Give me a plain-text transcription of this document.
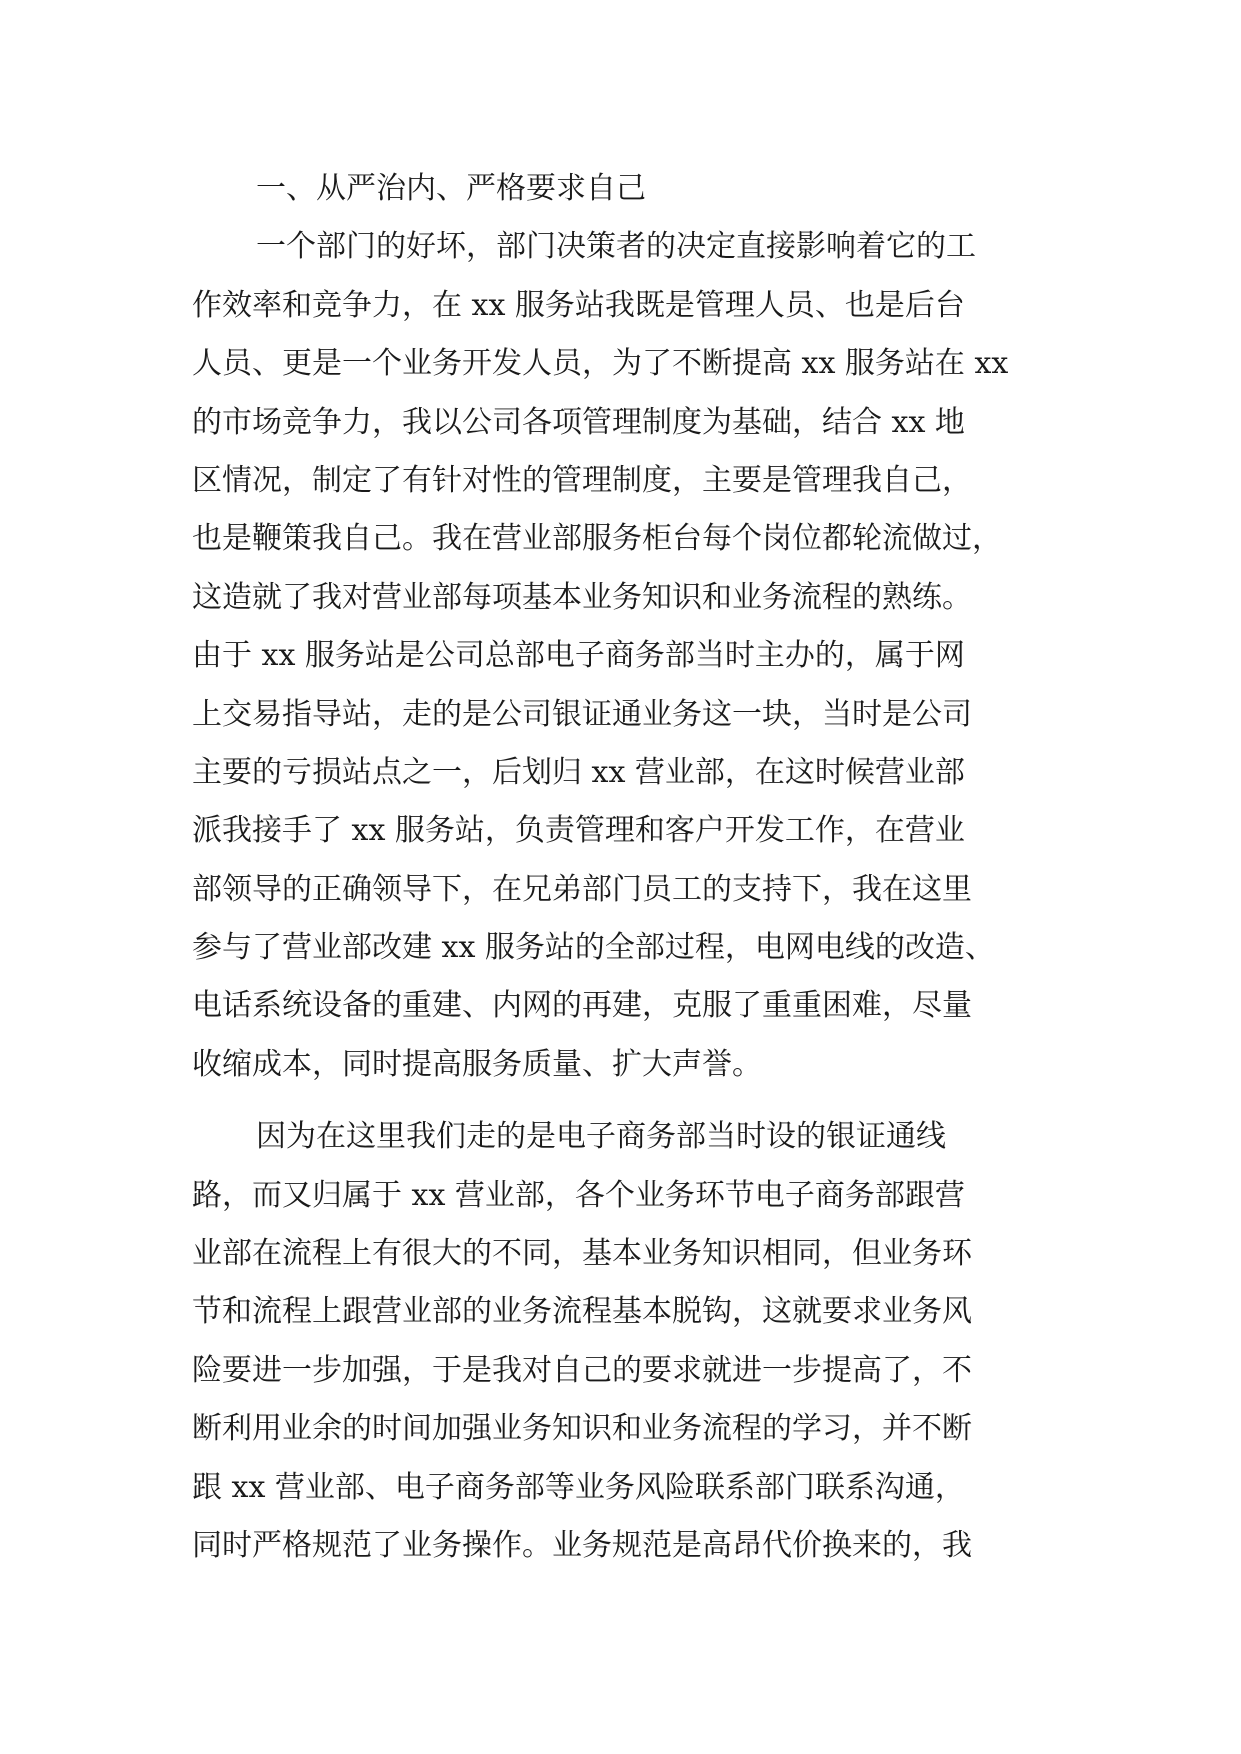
一、从严治内、严格要求自己
一个部门的好坏，部门决策者的决定直接影响着它的工
作效率和竞争力，在 xx 服务站我既是管理人员、也是后台
人员、更是一个业务开发人员，为了不断提高 xx 服务站在 xx
的市场竞争力，我以公司各项管理制度为基础，结合 xx 地
区情况，制定了有针对性的管理制度，主要是管理我自己，
也是鞭策我自己。我在营业部服务柜台每个岗位都轮流做过，
这造就了我对营业部每项基本业务知识和业务流程的熟练。
由于 xx 服务站是公司总部电子商务部当时主办的，属于网
上交易指导站，走的是公司银证通业务这一块，当时是公司
主要的亏损站点之一，后划归 xx 营业部，在这时候营业部
派我接手了 xx 服务站，负责管理和客户开发工作，在营业
部领导的正确领导下，在兄弟部门员工的支持下，我在这里
参与了营业部改建 xx 服务站的全部过程，电网电线的改造、
电话系统设备的重建、内网的再建，克服了重重困难，尽量
收缩成本，同时提高服务质量、扩大声誉。
因为在这里我们走的是电子商务部当时设的银证通线
路，而又归属于 xx 营业部，各个业务环节电子商务部跟营
业部在流程上有很大的不同，基本业务知识相同，但业务环
节和流程上跟营业部的业务流程基本脱钩，这就要求业务风
险要进一步加强，于是我对自己的要求就进一步提高了，不
断利用业余的时间加强业务知识和业务流程的学习，并不断
跟 xx 营业部、电子商务部等业务风险联系部门联系沟通，
同时严格规范了业务操作。业务规范是高昂代价换来的，我
